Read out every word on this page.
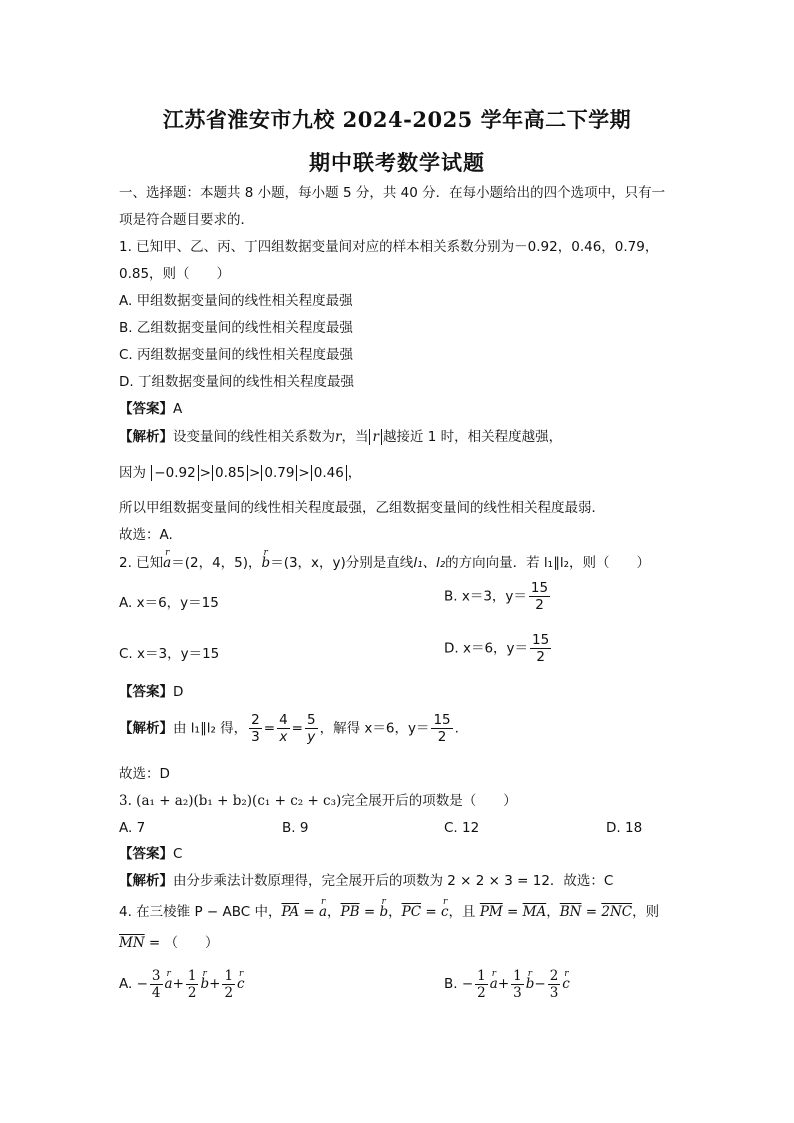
江苏省淮安市九校 2024-2025 学年高二下学期
期中联考数学试题
一、选择题：本题共 8 小题，每小题 5 分，共 40 分．在每小题给出的四个选项中，只有一
项是符合题目要求的．
1. 已知甲、乙、丙、丁四组数据变量间对应的样本相关系数分别为－0.92，0.46，0.79，
0.85，则（　　）
A. 甲组数据变量间的线性相关程度最强
B. 乙组数据变量间的线性相关程度最强
C. 丙组数据变量间的线性相关程度最强
D. 丁组数据变量间的线性相关程度最强
【答案】A
【解析】设变量间的线性相关系数为r，当 r 越接近 1 时，相关程度越强，
因为 −0.92 > 0.85 > 0.79 > 0.46 ，
所以甲组数据变量间的线性相关程度最强，乙组数据变量间的线性相关程度最弱．
故选：A.
2. 已知r a＝(2，4，5)，r b＝(3，x，y)分别是直线l₁、l₂的方向向量．若 l₁∥l₂，则（　　）
A. x＝6，y＝15	B. x＝3，$y= \frac{15}{2}$
C. x＝3，y＝15	D. x＝6，$y= \frac{15}{2}$
【答案】D
【解析】由 l₁∥l₂ 得， $\frac{2}{3} = \frac{4}{x} = \frac{5}{y}$ ，解得 x＝6，$y= \frac{15}{2}$ .
故选：D
3. (a₁ + a₂)(b₁ + b₂)(c₁ + c₂ + c₃)完全展开后的项数是（　　）
A. 7	B. 9	C. 12	D. 18
【答案】C
【解析】由分步乘法计数原理得，完全展开后的项数为 2 × 2 × 3 = 12．故选：C
4. 在三棱锥 P − ABC 中，$\overline{PA} = r$ a，$\overline{PB} = r$ b，$\overline{PC} = r$ c，且 $\overline{PM} = \overline{MA}$，$\overline{BN} = 2NC$，则
$\overline{MN}$ = （　　）
A. − $\frac{3}{4}$ r $a+ \frac{1}{2}$ r $b+ \frac{1}{2}$ r c	B. − $\frac{1}{2}$ r $a+ \frac{1}{3}$ r $b- \frac{2}{3}$ r c
